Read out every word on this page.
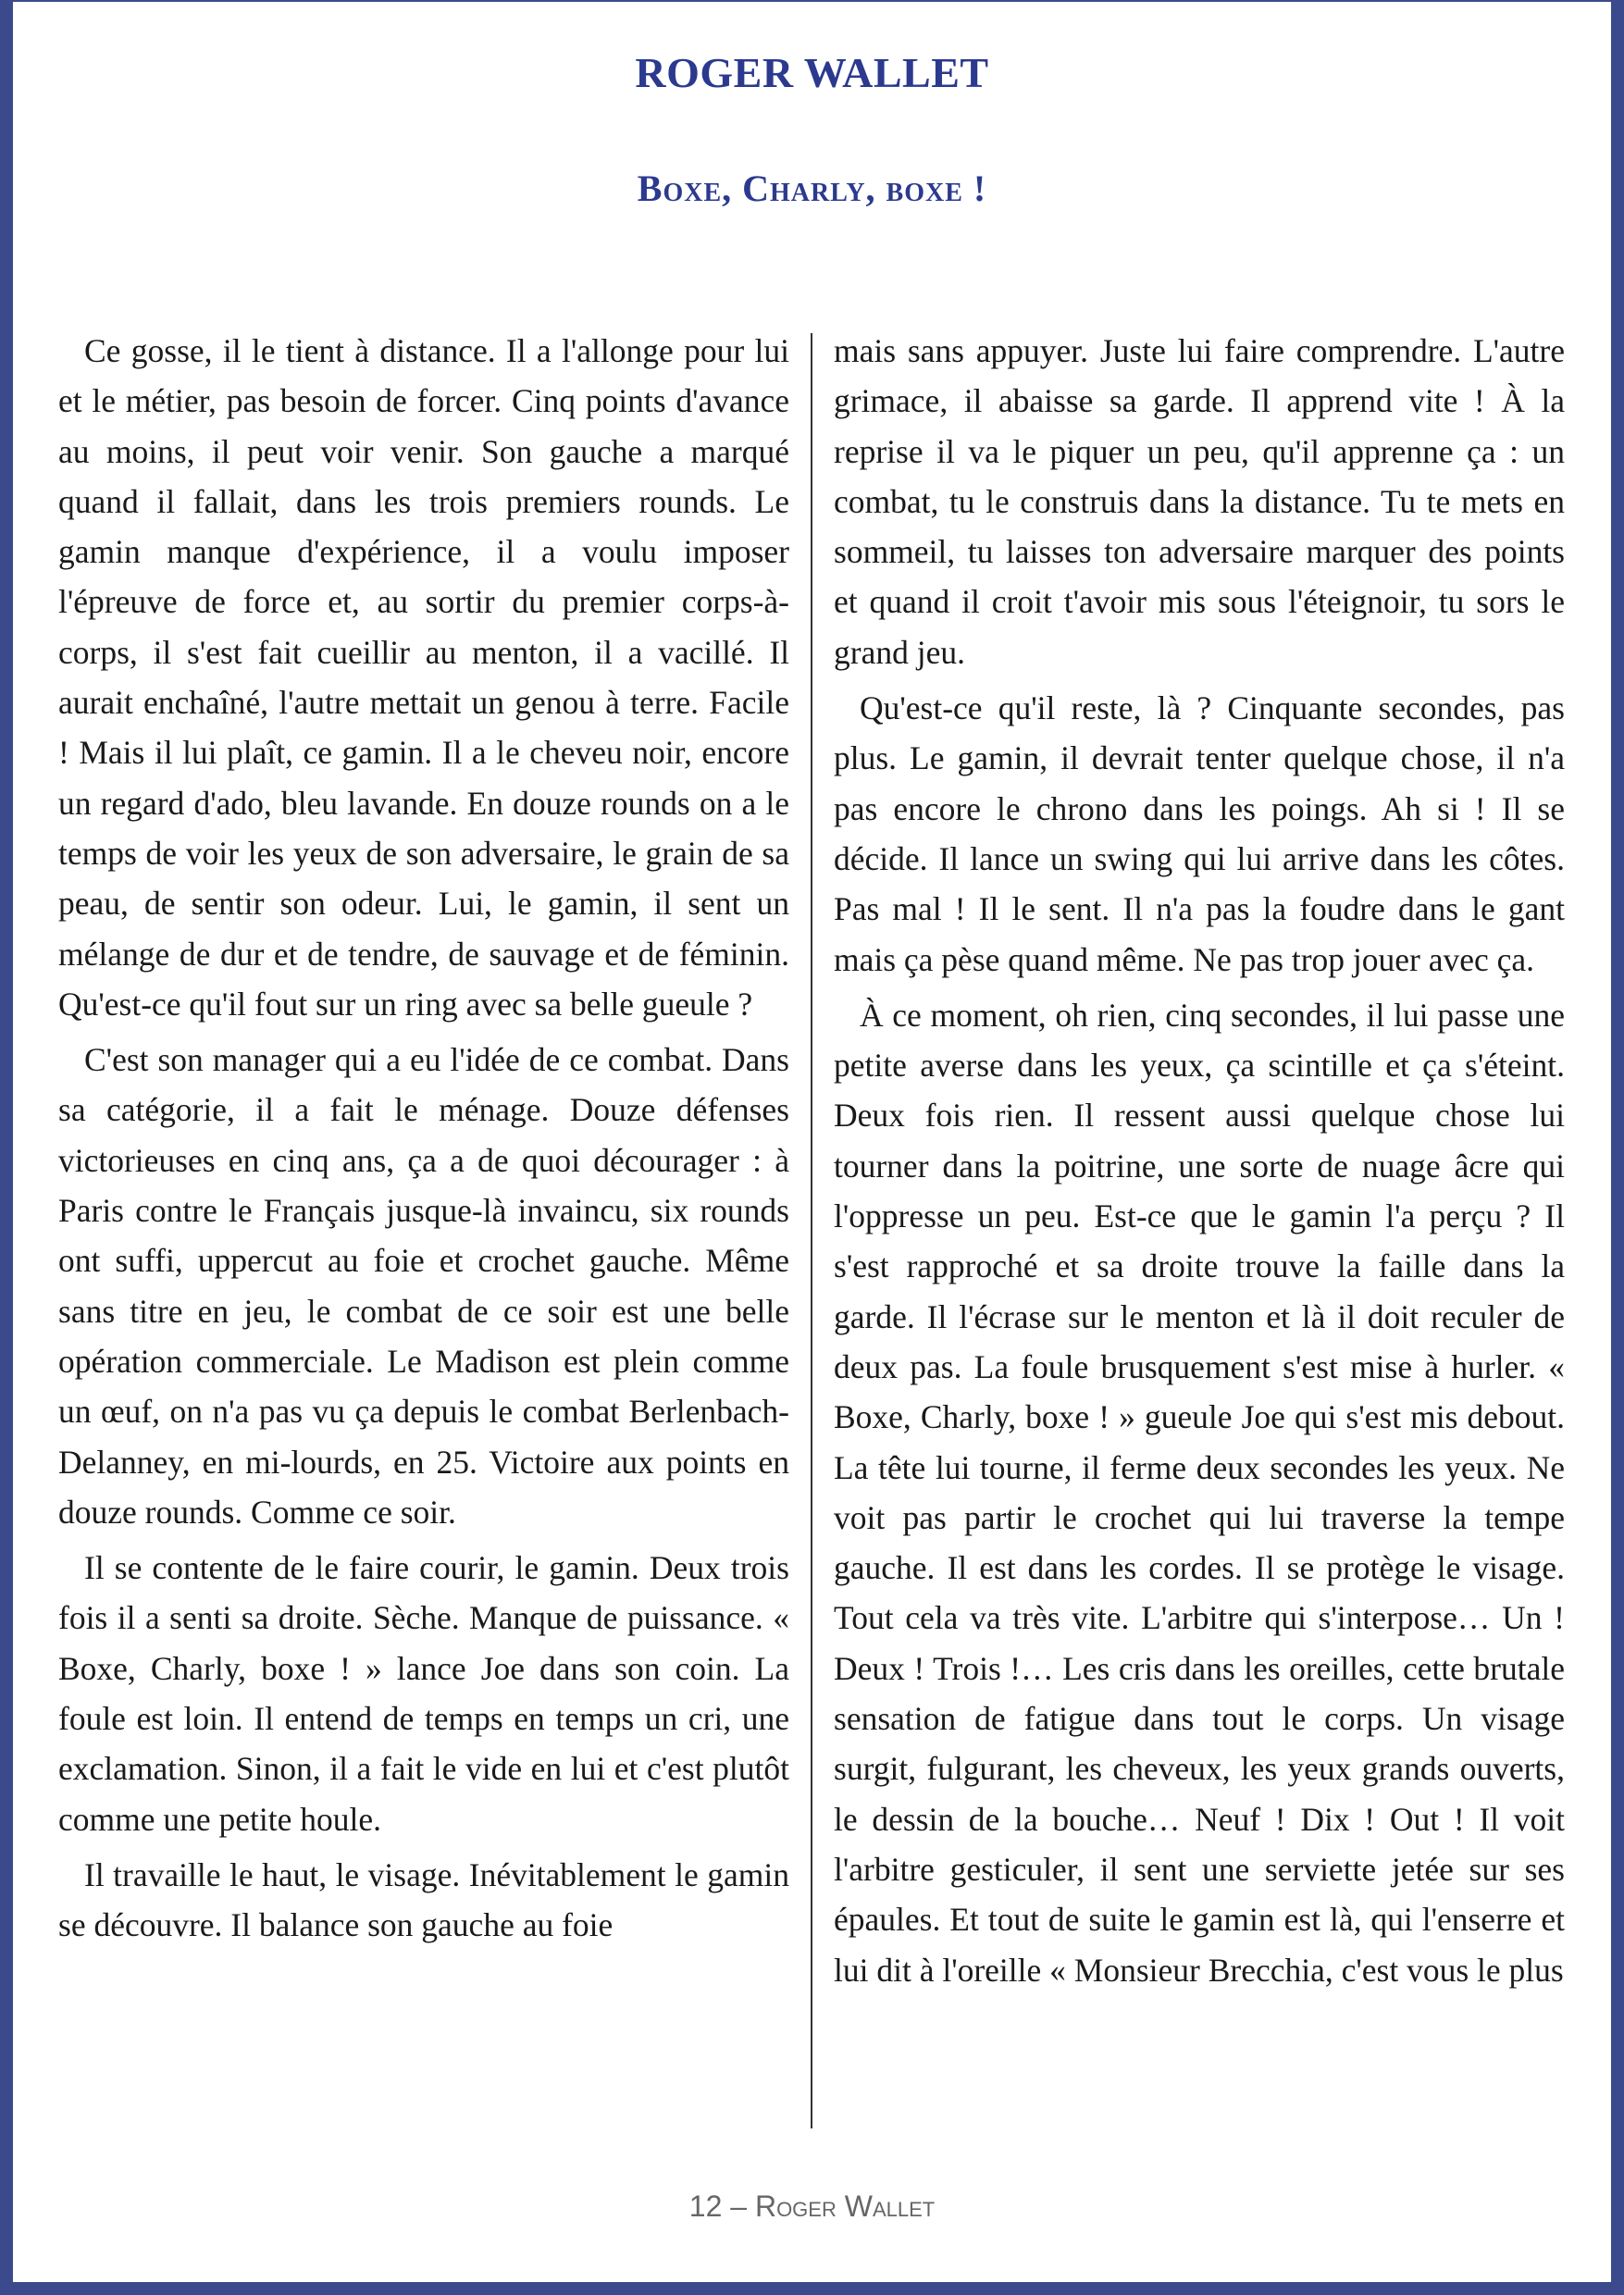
ROGER WALLET
Boxe, Charly, boxe !

Ce gosse, il le tient à distance. Il a l'allonge pour lui et le métier, pas besoin de forcer. Cinq points d'avance au moins, il peut voir venir. Son gauche a marqué quand il fallait, dans les trois premiers rounds. Le gamin manque d'expérience, il a voulu imposer l'épreuve de force et, au sortir du premier corps-à-corps, il s'est fait cueillir au menton, il a vacillé. Il aurait enchaîné, l'autre mettait un genou à terre. Facile ! Mais il lui plaît, ce gamin. Il a le cheveu noir, encore un regard d'ado, bleu lavande. En douze rounds on a le temps de voir les yeux de son adversaire, le grain de sa peau, de sentir son odeur. Lui, le gamin, il sent un mélange de dur et de tendre, de sauvage et de féminin. Qu'est-ce qu'il fout sur un ring avec sa belle gueule ?

C'est son manager qui a eu l'idée de ce combat. Dans sa catégorie, il a fait le ménage. Douze défenses victorieuses en cinq ans, ça a de quoi décourager : à Paris contre le Français jusque-là invaincu, six rounds ont suffi, uppercut au foie et crochet gauche. Même sans titre en jeu, le combat de ce soir est une belle opération commerciale. Le Madison est plein comme un œuf, on n'a pas vu ça depuis le combat Berlenbach-Delanney, en mi-lourds, en 25. Victoire aux points en douze rounds. Comme ce soir.

Il se contente de le faire courir, le gamin. Deux trois fois il a senti sa droite. Sèche. Manque de puissance. « Boxe, Charly, boxe ! » lance Joe dans son coin. La foule est loin. Il entend de temps en temps un cri, une exclamation. Sinon, il a fait le vide en lui et c'est plutôt comme une petite houle.

Il travaille le haut, le visage. Inévitablement le gamin se découvre. Il balance son gauche au foie

mais sans appuyer. Juste lui faire comprendre. L'autre grimace, il abaisse sa garde. Il apprend vite ! À la reprise il va le piquer un peu, qu'il apprenne ça : un combat, tu le construis dans la distance. Tu te mets en sommeil, tu laisses ton adversaire marquer des points et quand il croit t'avoir mis sous l'éteignoir, tu sors le grand jeu.

Qu'est-ce qu'il reste, là ? Cinquante secondes, pas plus. Le gamin, il devrait tenter quelque chose, il n'a pas encore le chrono dans les poings. Ah si ! Il se décide. Il lance un swing qui lui arrive dans les côtes. Pas mal ! Il le sent. Il n'a pas la foudre dans le gant mais ça pèse quand même. Ne pas trop jouer avec ça.

À ce moment, oh rien, cinq secondes, il lui passe une petite averse dans les yeux, ça scintille et ça s'éteint. Deux fois rien. Il ressent aussi quelque chose lui tourner dans la poitrine, une sorte de nuage âcre qui l'oppresse un peu. Est-ce que le gamin l'a perçu ? Il s'est rapproché et sa droite trouve la faille dans la garde. Il l'écrase sur le menton et là il doit reculer de deux pas. La foule brusquement s'est mise à hurler. « Boxe, Charly, boxe ! » gueule Joe qui s'est mis debout. La tête lui tourne, il ferme deux secondes les yeux. Ne voit pas partir le crochet qui lui traverse la tempe gauche. Il est dans les cordes. Il se protège le visage. Tout cela va très vite. L'arbitre qui s'interpose… Un ! Deux ! Trois !… Les cris dans les oreilles, cette brutale sensation de fatigue dans tout le corps. Un visage surgit, fulgurant, les cheveux, les yeux grands ouverts, le dessin de la bouche… Neuf ! Dix ! Out ! Il voit l'arbitre gesticuler, il sent une serviette jetée sur ses épaules. Et tout de suite le gamin est là, qui l'enserre et lui dit à l'oreille « Monsieur Brecchia, c'est vous le plus

12 – Roger Wallet
